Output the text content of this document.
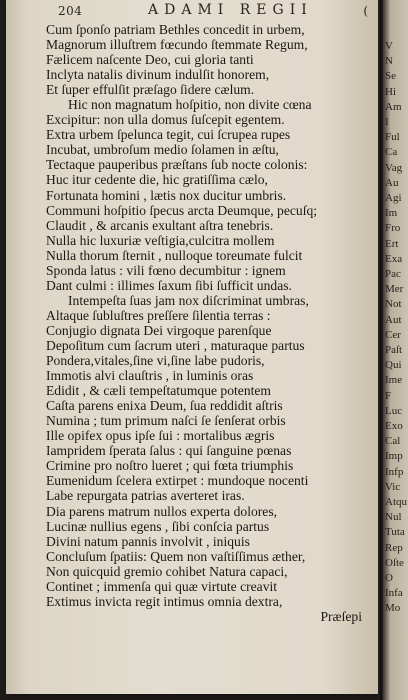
204	ADAMI REGII	(
Cum ſponſo patriam Bethles concedit in urbem,
Magnorum illuſtrem fœcundo ſtemmate Regum,
Fælicem naſcente Deo, cui gloria tanti
Inclyta natalis divinum indulſit honorem,
Et ſuper effulſit præſago ſidere cælum.
Hic non magnatum hoſpitio, non divite cœna
Excipitur: non ulla domus ſuſcepit egentem.
Extra urbem ſpelunca tegit, cui ſcrupea rupes
Incubat, umbroſum medio ſolamen in æſtu,
Tectaque pauperibus præſtans ſub nocte colonis:
Huc itur cedente die, hic gratiſſima cælo,
Fortunata homini , lætis nox ducitur umbris.
Communi hoſpitio ſpecus arcta Deumque, pecuſq;
Claudit , & arcanis exultant aſtra tenebris.
Nulla hic luxuriæ veſtigia,culcitra mollem
Nulla thorum ſternit , nulloque toreumate fulcit
Sponda latus : vili fœno decumbitur : ignem
Dant culmi : illimes ſaxum ſibi ſufficit undas.
Intempeſta ſuas jam nox diſcriminat umbras,
Altaque ſubluſtres preſſere ſilentia terras :
Conjugio dignata Dei virgoque parenſque
Depoſitum cum ſacrum uteri , maturaque partus
Pondera,vitales,ſine vi,ſine labe pudoris,
Immotis alvi clauſtris , in luminis oras
Edidit , & cæli tempeſtatumque potentem
Caſta parens enixa Deum, ſua reddidit aſtris
Numina ; tum primum naſci ſe ſenſerat orbis
Ille opifex opus ipſe ſui : mortalibus ægris
Iampridem ſperata ſalus : qui ſanguine pœnas
Crimine pro noſtro lueret ; qui fœta triumphis
Eumenidum ſcelera extirpet : mundoque nocenti
Labe repurgata patrias averteret iras.
Dia parens matrum nullos experta dolores,
Lucinæ nullius egens , ſibi conſcia partus
Divini natum pannis involvit , iniquis
Concluſum ſpatiis: Quem non vaſtiſſimus æther,
Non quicquid gremio cohibet Natura capaci,
Continet ; immenſa qui quæ virtute creavit
Extimus invicta regit intimus omnia dextra,
Præſepi
V
N
Se
Hi
Am
I
Ful
Ca
Vag
Au
Agi
Im
Fro
Ert
Exa
Pac
Mer
Not
Aut
Cer
Paſt
Qui
Ime
F
Luc
Exo
Cal
Imp
Infp
Vic
Atqu
Nul
Tuta
Rep
Oſte
O
Infa
Mo
